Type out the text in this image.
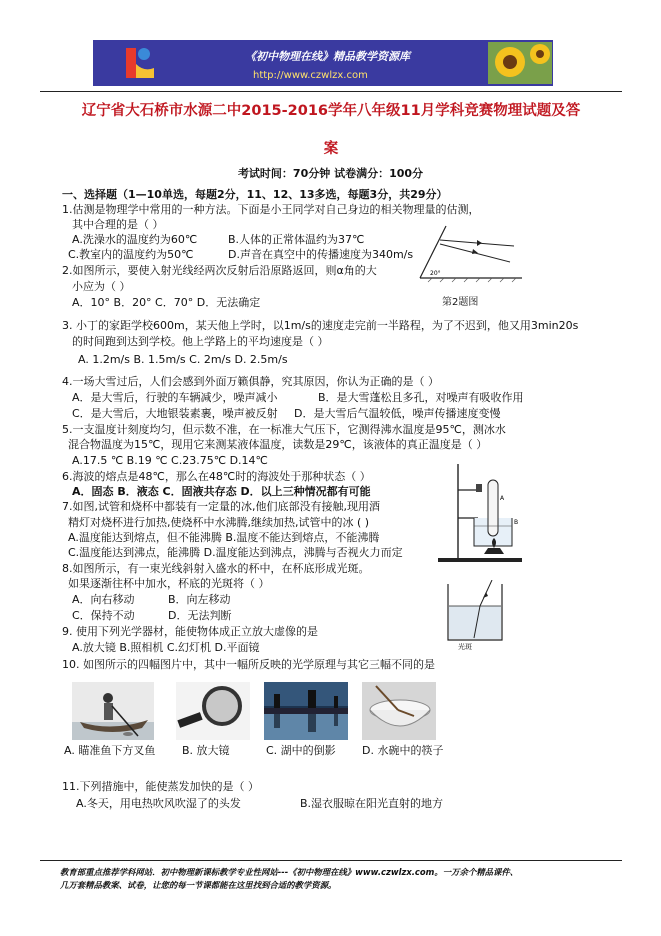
《初中物理在线》精品教学资源库
http://www.czwlzx.com
辽宁省大石桥市水源二中2015-2016学年八年级11月学科竞赛物理试题及答
案
考试时间：70分钟 试卷满分：100分
一、选择题（1—10单选，每题2分，11、12、13多选，每题3分，共29分）
1.估测是物理学中常用的一种方法。下面是小王同学对自己身边的相关物理量的估测，
其中合理的是（ ）
A.洗澡水的温度约为60℃	B.人体的正常体温约为37℃
C.教室内的温度约为50℃	D.声音在真空中的传播速度为340m/s
2.如图所示，要使入射光线经两次反射后沿原路返回，则α角的大
小应为（ ）
A．10° B．20° C．70° D．无法确定
20°
第2题图
3. 小丁的家距学校600m，某天他上学时，以1m/s的速度走完前一半路程，为了不迟到，他又用3min20s
的时间跑到达到学校。他上学路上的平均速度是（ ）
A. 1.2m/s B. 1.5m/s C. 2m/s D. 2.5m/s
4.一场大雪过后，人们会感到外面万籁俱静，究其原因，你认为正确的是（ ）
A．是大雪后，行驶的车辆减少，噪声减小	B．是大雪蓬松且多孔，对噪声有吸收作用
C．是大雪后，大地银装素裹，噪声被反射 D．是大雪后气温较低，噪声传播速度变慢
5.一支温度计刻度均匀，但示数不准，在一标准大气压下，它测得沸水温度是95℃，测冰水
混合物温度为15℃，现用它来测某液体温度，读数是29℃，该液体的真正温度是（ ）
A.17.5 ℃ B.19 ℃ C.23.75℃ D.14℃
6.海波的熔点是48℃，那么在48℃时的海波处于那种状态（ ）
A．固态 B．液态 C．固液共存态 D．以上三种情况都有可能
7.如图,试管和烧杯中都装有一定量的冰,他们底部没有接触,现用酒
精灯对烧杯进行加热,使烧杯中水沸腾,继续加热,试管中的冰 ( )
A.温度能达到熔点，但不能沸腾 B.温度不能达到熔点，不能沸腾
C.温度能达到沸点，能沸腾 D.温度能达到沸点，沸腾与否视火力而定
A
B
8.如图所示，有一束光线斜射入盛水的杯中，在杯底形成光斑。
如果逐渐往杯中加水，杯底的光斑将（ ）
A．向右移动	B．向左移动
C．保持不动	D．无法判断
光斑
9. 使用下列光学器材，能使物体成正立放大虚像的是
A.放大镜 B.照相机 C.幻灯机 D.平面镜
10. 如图所示的四幅图片中，其中一幅所反映的光学原理与其它三幅不同的是
A. 瞄准鱼下方叉鱼 B. 放大镜	C. 湖中的倒影 D. 水碗中的筷子
11.下列措施中，能使蒸发加快的是（ ）
A.冬天，用电热吹风吹湿了的头发	B.湿衣服晾在阳光直射的地方
教育部重点推荐学科网站．初中物理新课标教学专业性网站---《初中物理在线》www.czwlzx.com。一万余个精品课件、
几万套精品教案、试卷，让您的每一节课都能在这里找到合适的教学资源。
